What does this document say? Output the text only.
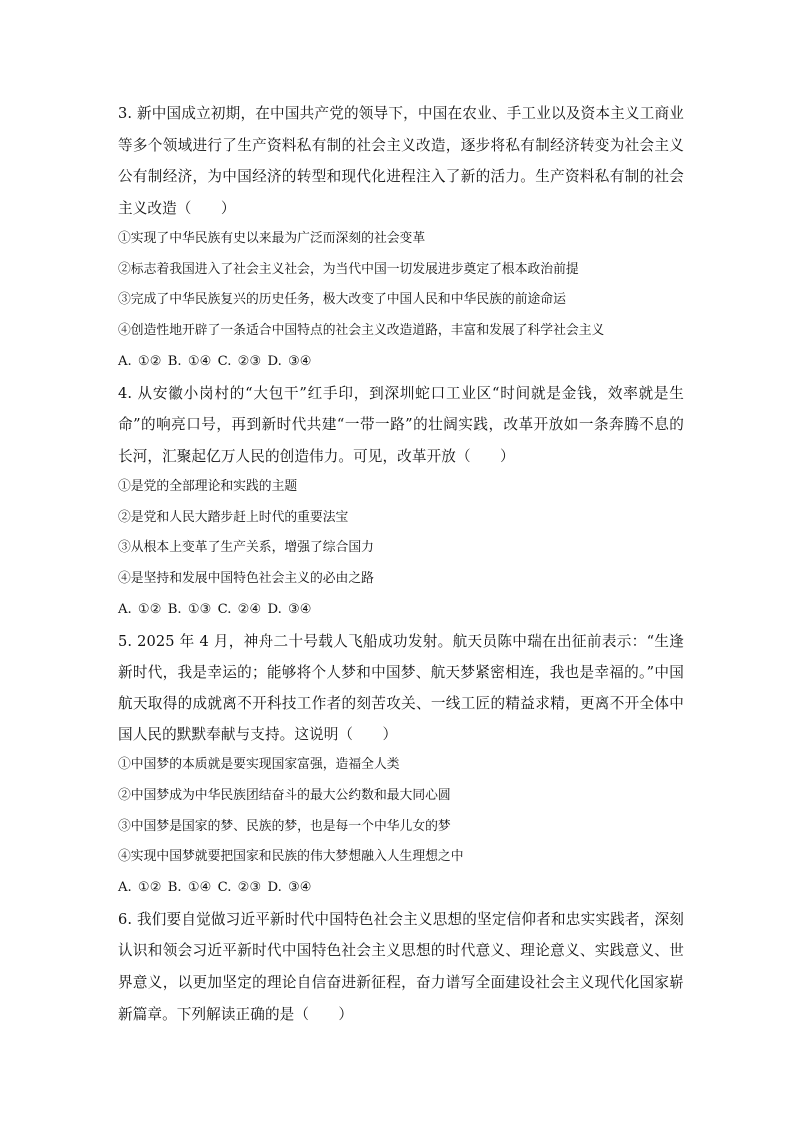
3. 新中国成立初期，在中国共产党的领导下，中国在农业、手工业以及资本主义工商业等多个领域进行了生产资料私有制的社会主义改造，逐步将私有制经济转变为社会主义公有制经济，为中国经济的转型和现代化进程注入了新的活力。生产资料私有制的社会主义改造（　　）

①实现了中华民族有史以来最为广泛而深刻的社会变革

②标志着我国进入了社会主义社会，为当代中国一切发展进步奠定了根本政治前提

③完成了中华民族复兴的历史任务，极大改变了中国人民和中华民族的前途命运

④创造性地开辟了一条适合中国特点的社会主义改造道路，丰富和发展了科学社会主义

A. ①② B. ①④ C. ②③ D. ③④

4. 从安徽小岗村的“大包干”红手印，到深圳蛇口工业区“时间就是金钱，效率就是生命”的响亮口号，再到新时代共建“一带一路”的壮阔实践，改革开放如一条奔腾不息的长河，汇聚起亿万人民的创造伟力。可见，改革开放（　　）

①是党的全部理论和实践的主题

②是党和人民大踏步赶上时代的重要法宝

③从根本上变革了生产关系，增强了综合国力

④是坚持和发展中国特色社会主义的必由之路

A. ①② B. ①③ C. ②④ D. ③④

5. 2025 年 4 月，神舟二十号载人飞船成功发射。航天员陈中瑞在出征前表示：“生逢新时代，我是幸运的；能够将个人梦和中国梦、航天梦紧密相连，我也是幸福的。”中国航天取得的成就离不开科技工作者的刻苦攻关、一线工匠的精益求精，更离不开全体中国人民的默默奉献与支持。这说明（　　）

①中国梦的本质就是要实现国家富强，造福全人类

②中国梦成为中华民族团结奋斗的最大公约数和最大同心圆

③中国梦是国家的梦、民族的梦，也是每一个中华儿女的梦

④实现中国梦就要把国家和民族的伟大梦想融入人生理想之中

A. ①② B. ①④ C. ②③ D. ③④

6. 我们要自觉做习近平新时代中国特色社会主义思想的坚定信仰者和忠实实践者，深刻认识和领会习近平新时代中国特色社会主义思想的时代意义、理论意义、实践意义、世界意义，以更加坚定的理论自信奋进新征程，奋力谱写全面建设社会主义现代化国家崭新篇章。下列解读正确的是（　　）
